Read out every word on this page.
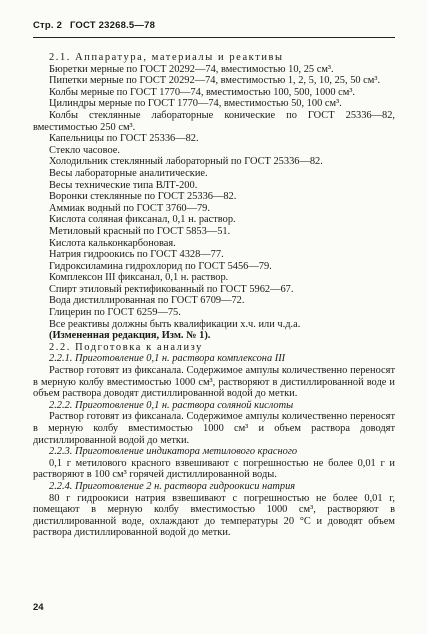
Стр. 2 ГОСТ 23268.5—78

2.1. Аппаратура, материалы и реактивы

Бюретки мерные по ГОСТ 20292—74, вместимостью 10, 25 см³.

Пипетки мерные по ГОСТ 20292—74, вместимостью 1, 2, 5, 10, 25, 50 см³.

Колбы мерные по ГОСТ 1770—74, вместимостью 100, 500, 1000 см³.

Цилиндры мерные по ГОСТ 1770—74, вместимостью 50, 100 см³.

Колбы стеклянные лабораторные конические по ГОСТ 25336—82, вместимостью 250 см³.

Капельницы по ГОСТ 25336—82.

Стекло часовое.

Холодильник стеклянный лабораторный по ГОСТ 25336—82.

Весы лабораторные аналитические.

Весы технические типа ВЛТ-200.

Воронки стеклянные по ГОСТ 25336—82.

Аммиак водный по ГОСТ 3760—79.

Кислота соляная фиксанал, 0,1 н. раствор.

Метиловый красный по ГОСТ 5853—51.

Кислота кальконкарбоновая.

Натрия гидроокись по ГОСТ 4328—77.

Гидроксиламина гидрохлорид по ГОСТ 5456—79.

Комплексон III фиксанал, 0,1 н. раствор.

Спирт этиловый ректификованный по ГОСТ 5962—67.

Вода дистиллированная по ГОСТ 6709—72.

Глицерин по ГОСТ 6259—75.

Все реактивы должны быть квалификации х.ч. или ч.д.а.

(Измененная редакция, Изм. № 1).

2.2. Подготовка к анализу

2.2.1. Приготовление 0,1 н. раствора комплексона III

Раствор готовят из фиксанала. Содержимое ампулы количественно переносят в мерную колбу вместимостью 1000 см³, растворяют в дистиллированной воде и объем раствора доводят дистиллированной водой до метки.

2.2.2. Приготовление 0,1 н. раствора соляной кислоты

Раствор готовят из фиксанала. Содержимое ампулы количественно переносят в мерную колбу вместимостью 1000 см³ и объем раствора доводят дистиллированной водой до метки.

2.2.3. Приготовление индикатора метилового красного

0,1 г метилового красного взвешивают с погрешностью не более 0,01 г и растворяют в 100 см³ горячей дистиллированной воды.

2.2.4. Приготовление 2 н. раствора гидроокиси натрия

80 г гидроокиси натрия взвешивают с погрешностью не более 0,01 г, помещают в мерную колбу вместимостью 1000 см³, растворяют в дистиллированной воде, охлаждают до температуры 20 °С и доводят объем раствора дистиллированной водой до метки.

24
